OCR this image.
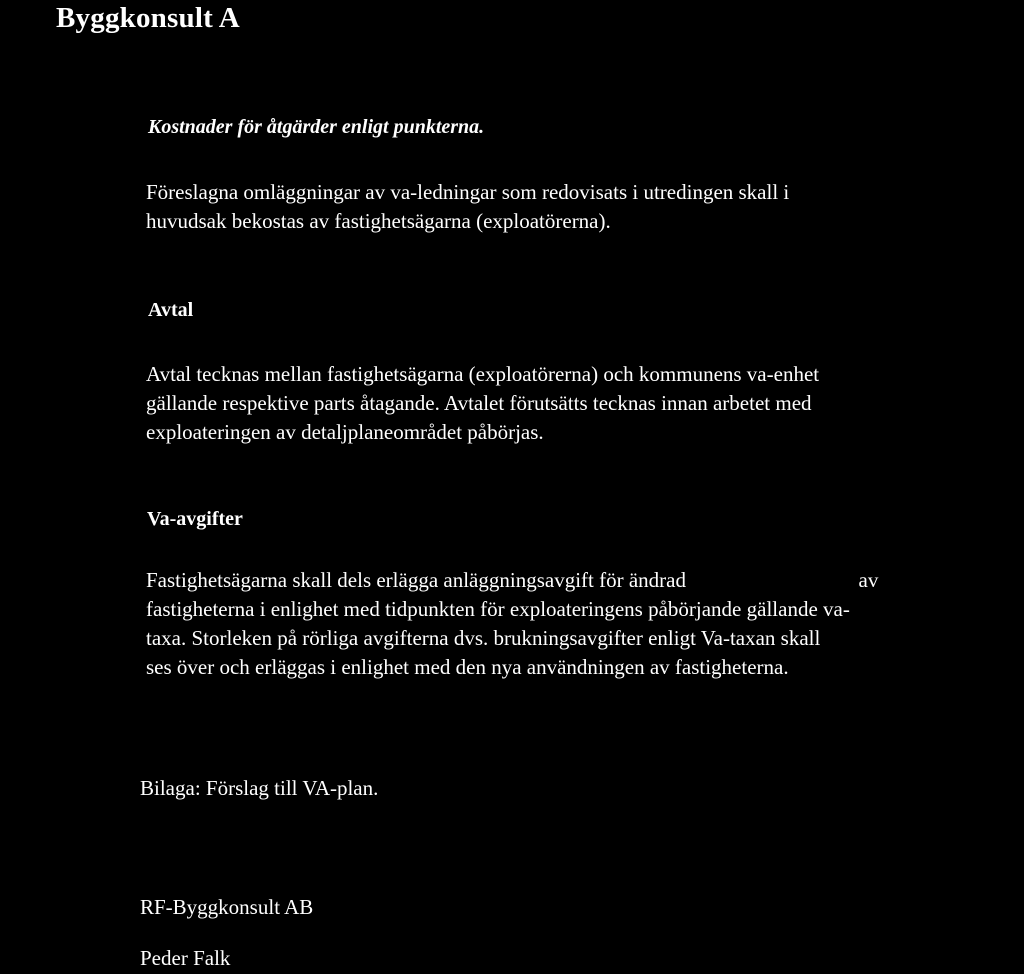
Byggkonsult A
Kostnader för åtgärder enligt punkterna.
Föreslagna omläggningar av va-ledningar som redovisats i utredingen skall i
huvudsak bekostas av fastighetsägarna (exploatörerna).
Avtal
Avtal tecknas mellan fastighetsägarna (exploatörerna) och kommunens va-enhet
gällande respektive parts åtagande. Avtalet förutsätts tecknas innan arbetet med
exploateringen av detaljplaneområdet påbörjas.
Va-avgifter
Fastighetsägarna skall dels erlägga anläggningsavgift för ändrad	av
fastigheterna i enlighet med tidpunkten för exploateringens påbörjande gällande va-
taxa. Storleken på rörliga avgifterna dvs. brukningsavgifter enligt Va-taxan skall
ses över och erläggas i enlighet med den nya användningen av fastigheterna.
Bilaga: Förslag till VA-plan.
RF-Byggkonsult AB
Peder Falk
